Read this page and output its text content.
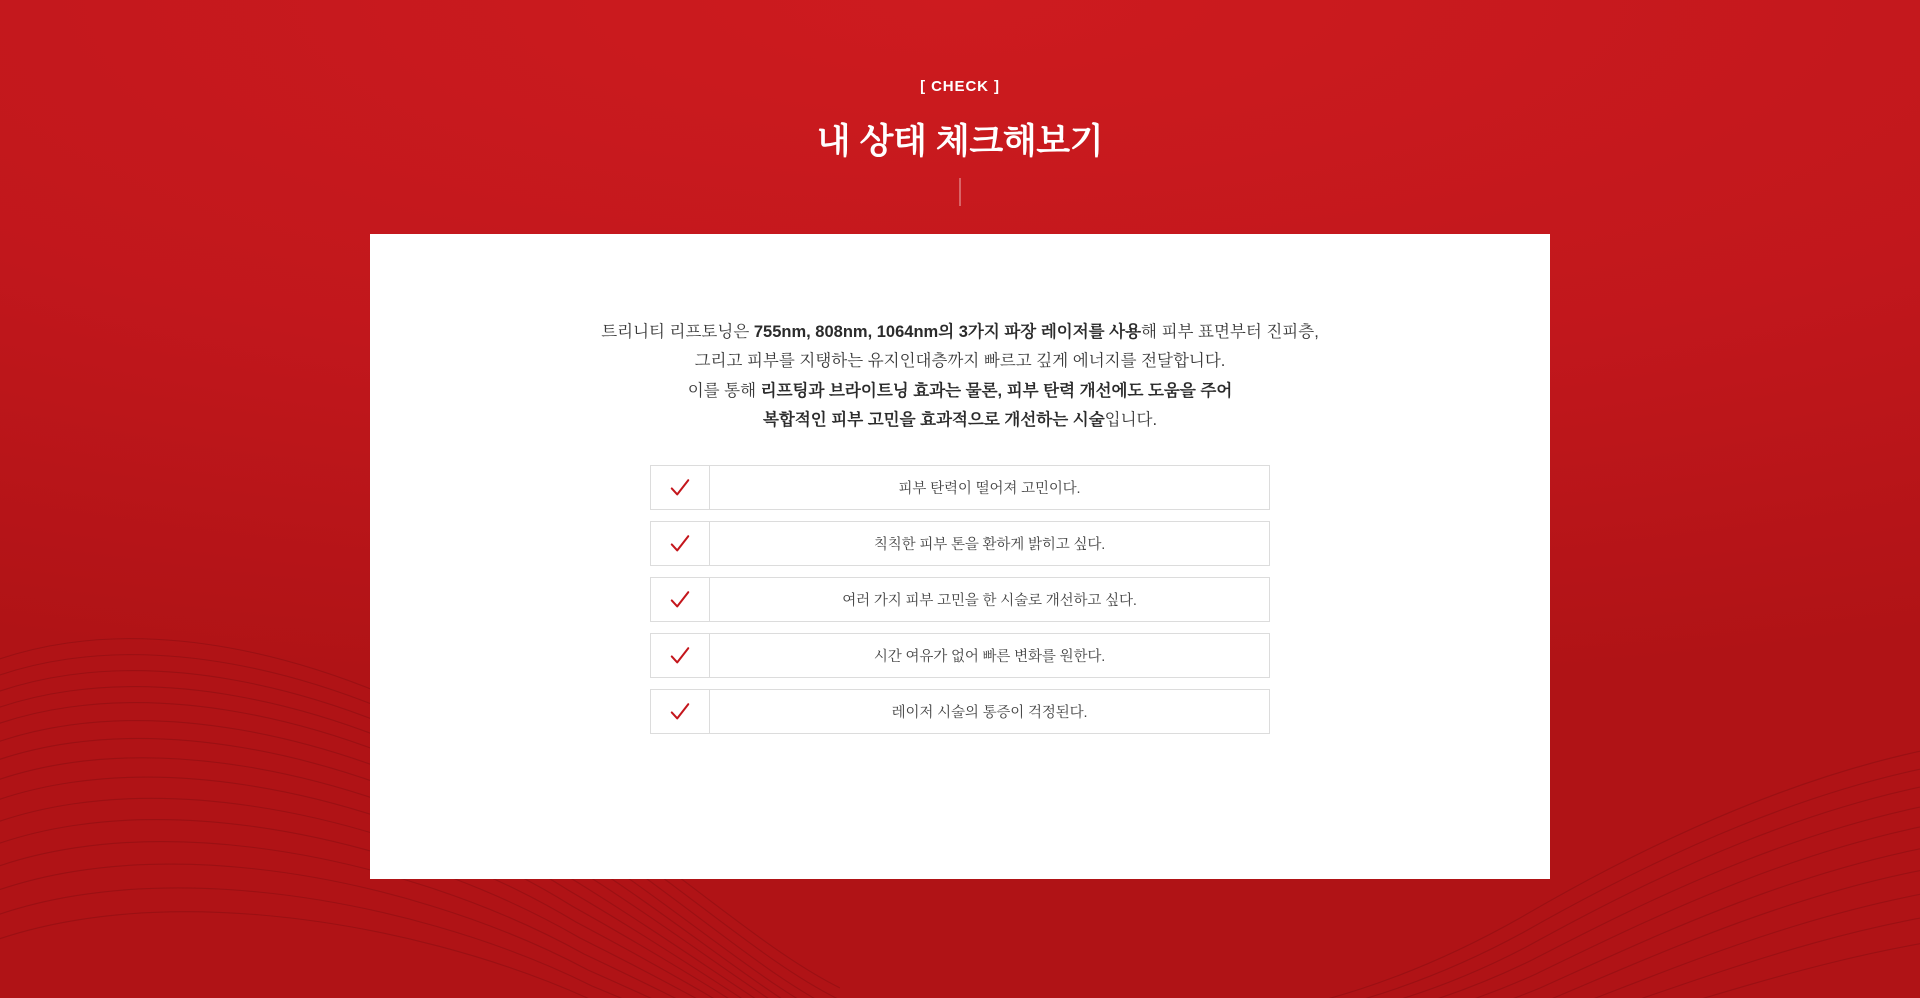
[ CHECK ]
내 상태 체크해보기
트리니티 리프토닝은 755nm, 808nm, 1064nm의 3가지 파장 레이저를 사용해 피부 표면부터 진피층,
그리고 피부를 지탱하는 유지인대층까지 빠르고 깊게 에너지를 전달합니다.
이를 통해 리프팅과 브라이트닝 효과는 물론, 피부 탄력 개선에도 도움을 주어
복합적인 피부 고민을 효과적으로 개선하는 시술입니다.
피부 탄력이 떨어져 고민이다.
칙칙한 피부 톤을 환하게 밝히고 싶다.
여러 가지 피부 고민을 한 시술로 개선하고 싶다.
시간 여유가 없어 빠른 변화를 원한다.
레이저 시술의 통증이 걱정된다.
